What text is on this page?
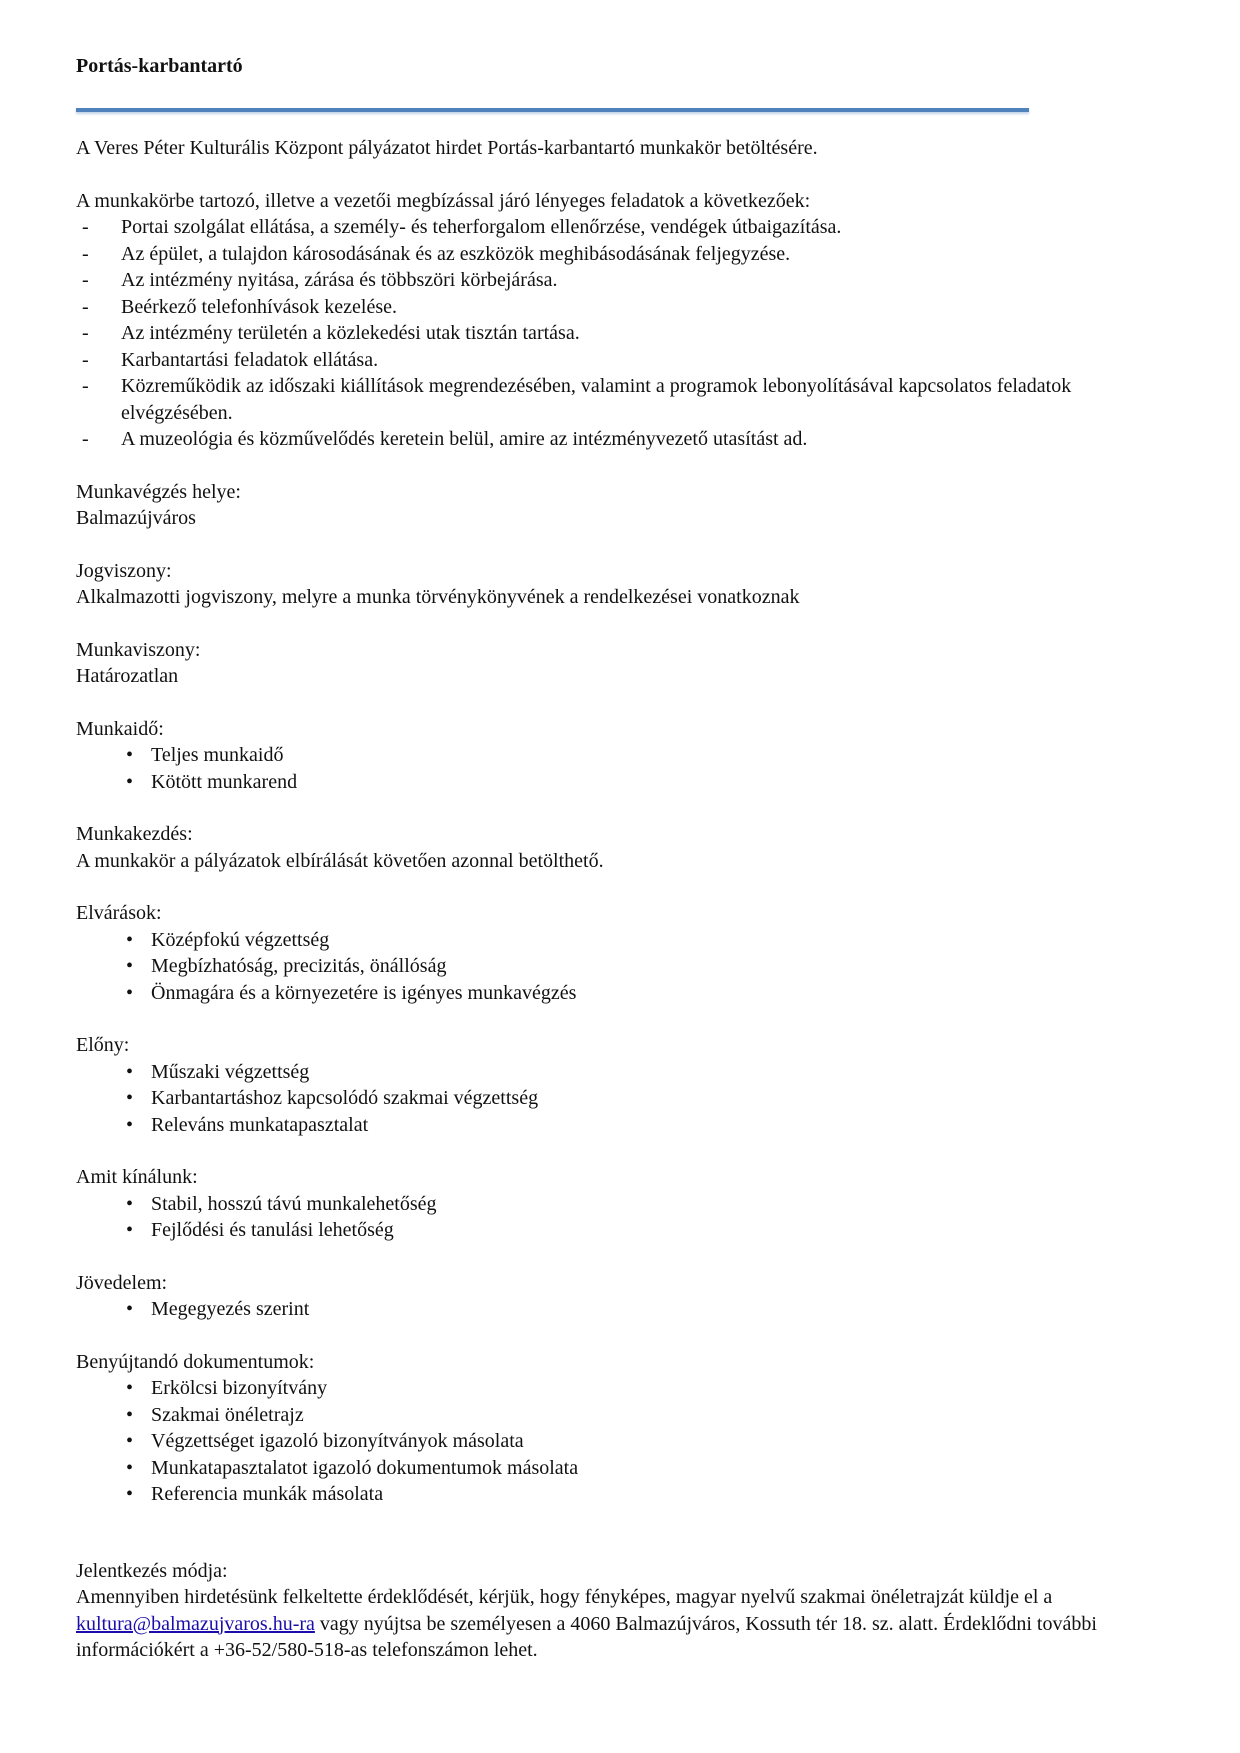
Portás-karbantartó

A Veres Péter Kulturális Központ pályázatot hirdet Portás-karbantartó munkakör betöltésére.

A munkakörbe tartozó, illetve a vezetői megbízással járó lényeges feladatok a következőek:

- Portai szolgálat ellátása, a személy- és teherforgalom ellenőrzése, vendégek útbaigazítása.
- Az épület, a tulajdon károsodásának és az eszközök meghibásodásának feljegyzése.
- Az intézmény nyitása, zárása és többszöri körbejárása.
- Beérkező telefonhívások kezelése.
- Az intézmény területén a közlekedési utak tisztán tartása.
- Karbantartási feladatok ellátása.
- Közreműködik az időszaki kiállítások megrendezésében, valamint a programok lebonyolításával kapcsolatos feladatok elvégzésében.
- A muzeológia és közművelődés keretein belül, amire az intézményvezető utasítást ad.

Munkavégzés helye:

Balmazújváros

Jogviszony:

Alkalmazotti jogviszony, melyre a munka törvénykönyvének a rendelkezései vonatkoznak

Munkaviszony:

Határozatlan

Munkaidő:

• Teljes munkaidő
• Kötött munkarend

Munkakezdés:

A munkakör a pályázatok elbírálását követően azonnal betölthető.

Elvárások:

• Középfokú végzettség
• Megbízhatóság, precizitás, önállóság
• Önmagára és a környezetére is igényes munkavégzés

Előny:

• Műszaki végzettség
• Karbantartáshoz kapcsolódó szakmai végzettség
• Releváns munkatapasztalat

Amit kínálunk:

• Stabil, hosszú távú munkalehetőség
• Fejlődési és tanulási lehetőség

Jövedelem:

• Megegyezés szerint

Benyújtandó dokumentumok:

• Erkölcsi bizonyítvány
• Szakmai önéletrajz
• Végzettséget igazoló bizonyítványok másolata
• Munkatapasztalatot igazoló dokumentumok másolata
• Referencia munkák másolata

Jelentkezés módja:

Amennyiben hirdetésünk felkeltette érdeklődését, kérjük, hogy fényképes, magyar nyelvű szakmai önéletrajzát küldje el a kultura@balmazujvaros.hu-ra vagy nyújtsa be személyesen a 4060 Balmazújváros, Kossuth tér 18. sz. alatt. Érdeklődni további információkért a +36-52/580-518-as telefonszámon lehet.
